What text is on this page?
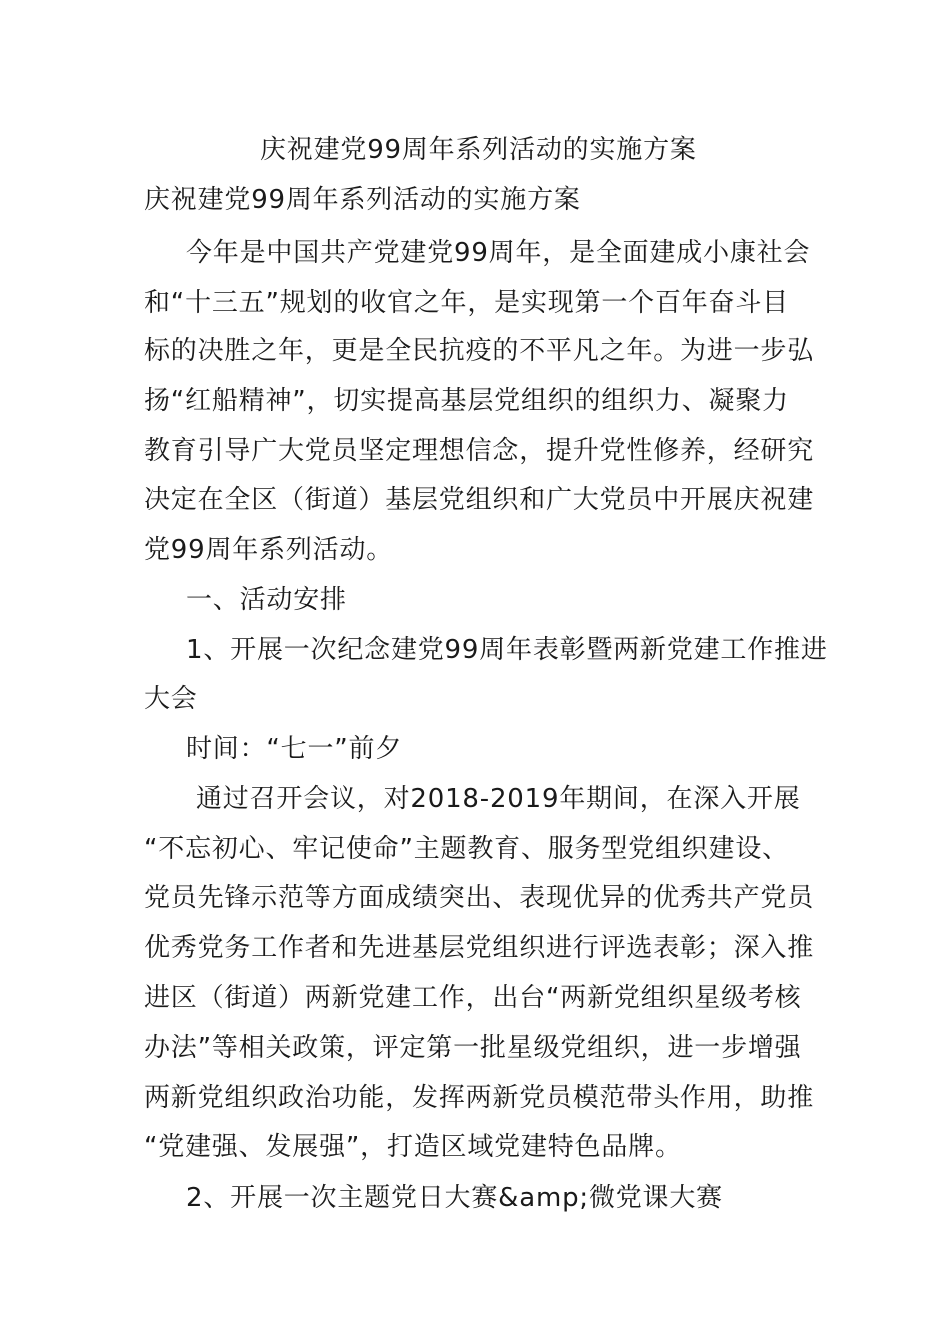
庆祝建党99周年系列活动的实施方案
庆祝建党99周年系列活动的实施方案
今年是中国共产党建党99周年，是全面建成小康社会
和“十三五”规划的收官之年，是实现第一个百年奋斗目
标的决胜之年，更是全民抗疫的不平凡之年。为进一步弘
扬“红船精神”，切实提高基层党组织的组织力、凝聚力
教育引导广大党员坚定理想信念，提升党性修养，经研究
决定在全区（街道）基层党组织和广大党员中开展庆祝建
党99周年系列活动。
一、活动安排
1、开展一次纪念建党99周年表彰暨两新党建工作推进
大会
时间：“七一”前夕
通过召开会议，对2018-2019年期间，在深入开展
“不忘初心、牢记使命”主题教育、服务型党组织建设、
党员先锋示范等方面成绩突出、表现优异的优秀共产党员
优秀党务工作者和先进基层党组织进行评选表彰；深入推
进区（街道）两新党建工作，出台“两新党组织星级考核
办法”等相关政策，评定第一批星级党组织，进一步增强
两新党组织政治功能，发挥两新党员模范带头作用，助推
“党建强、发展强”，打造区域党建特色品牌。
2、开展一次主题党日大赛&amp;微党课大赛
